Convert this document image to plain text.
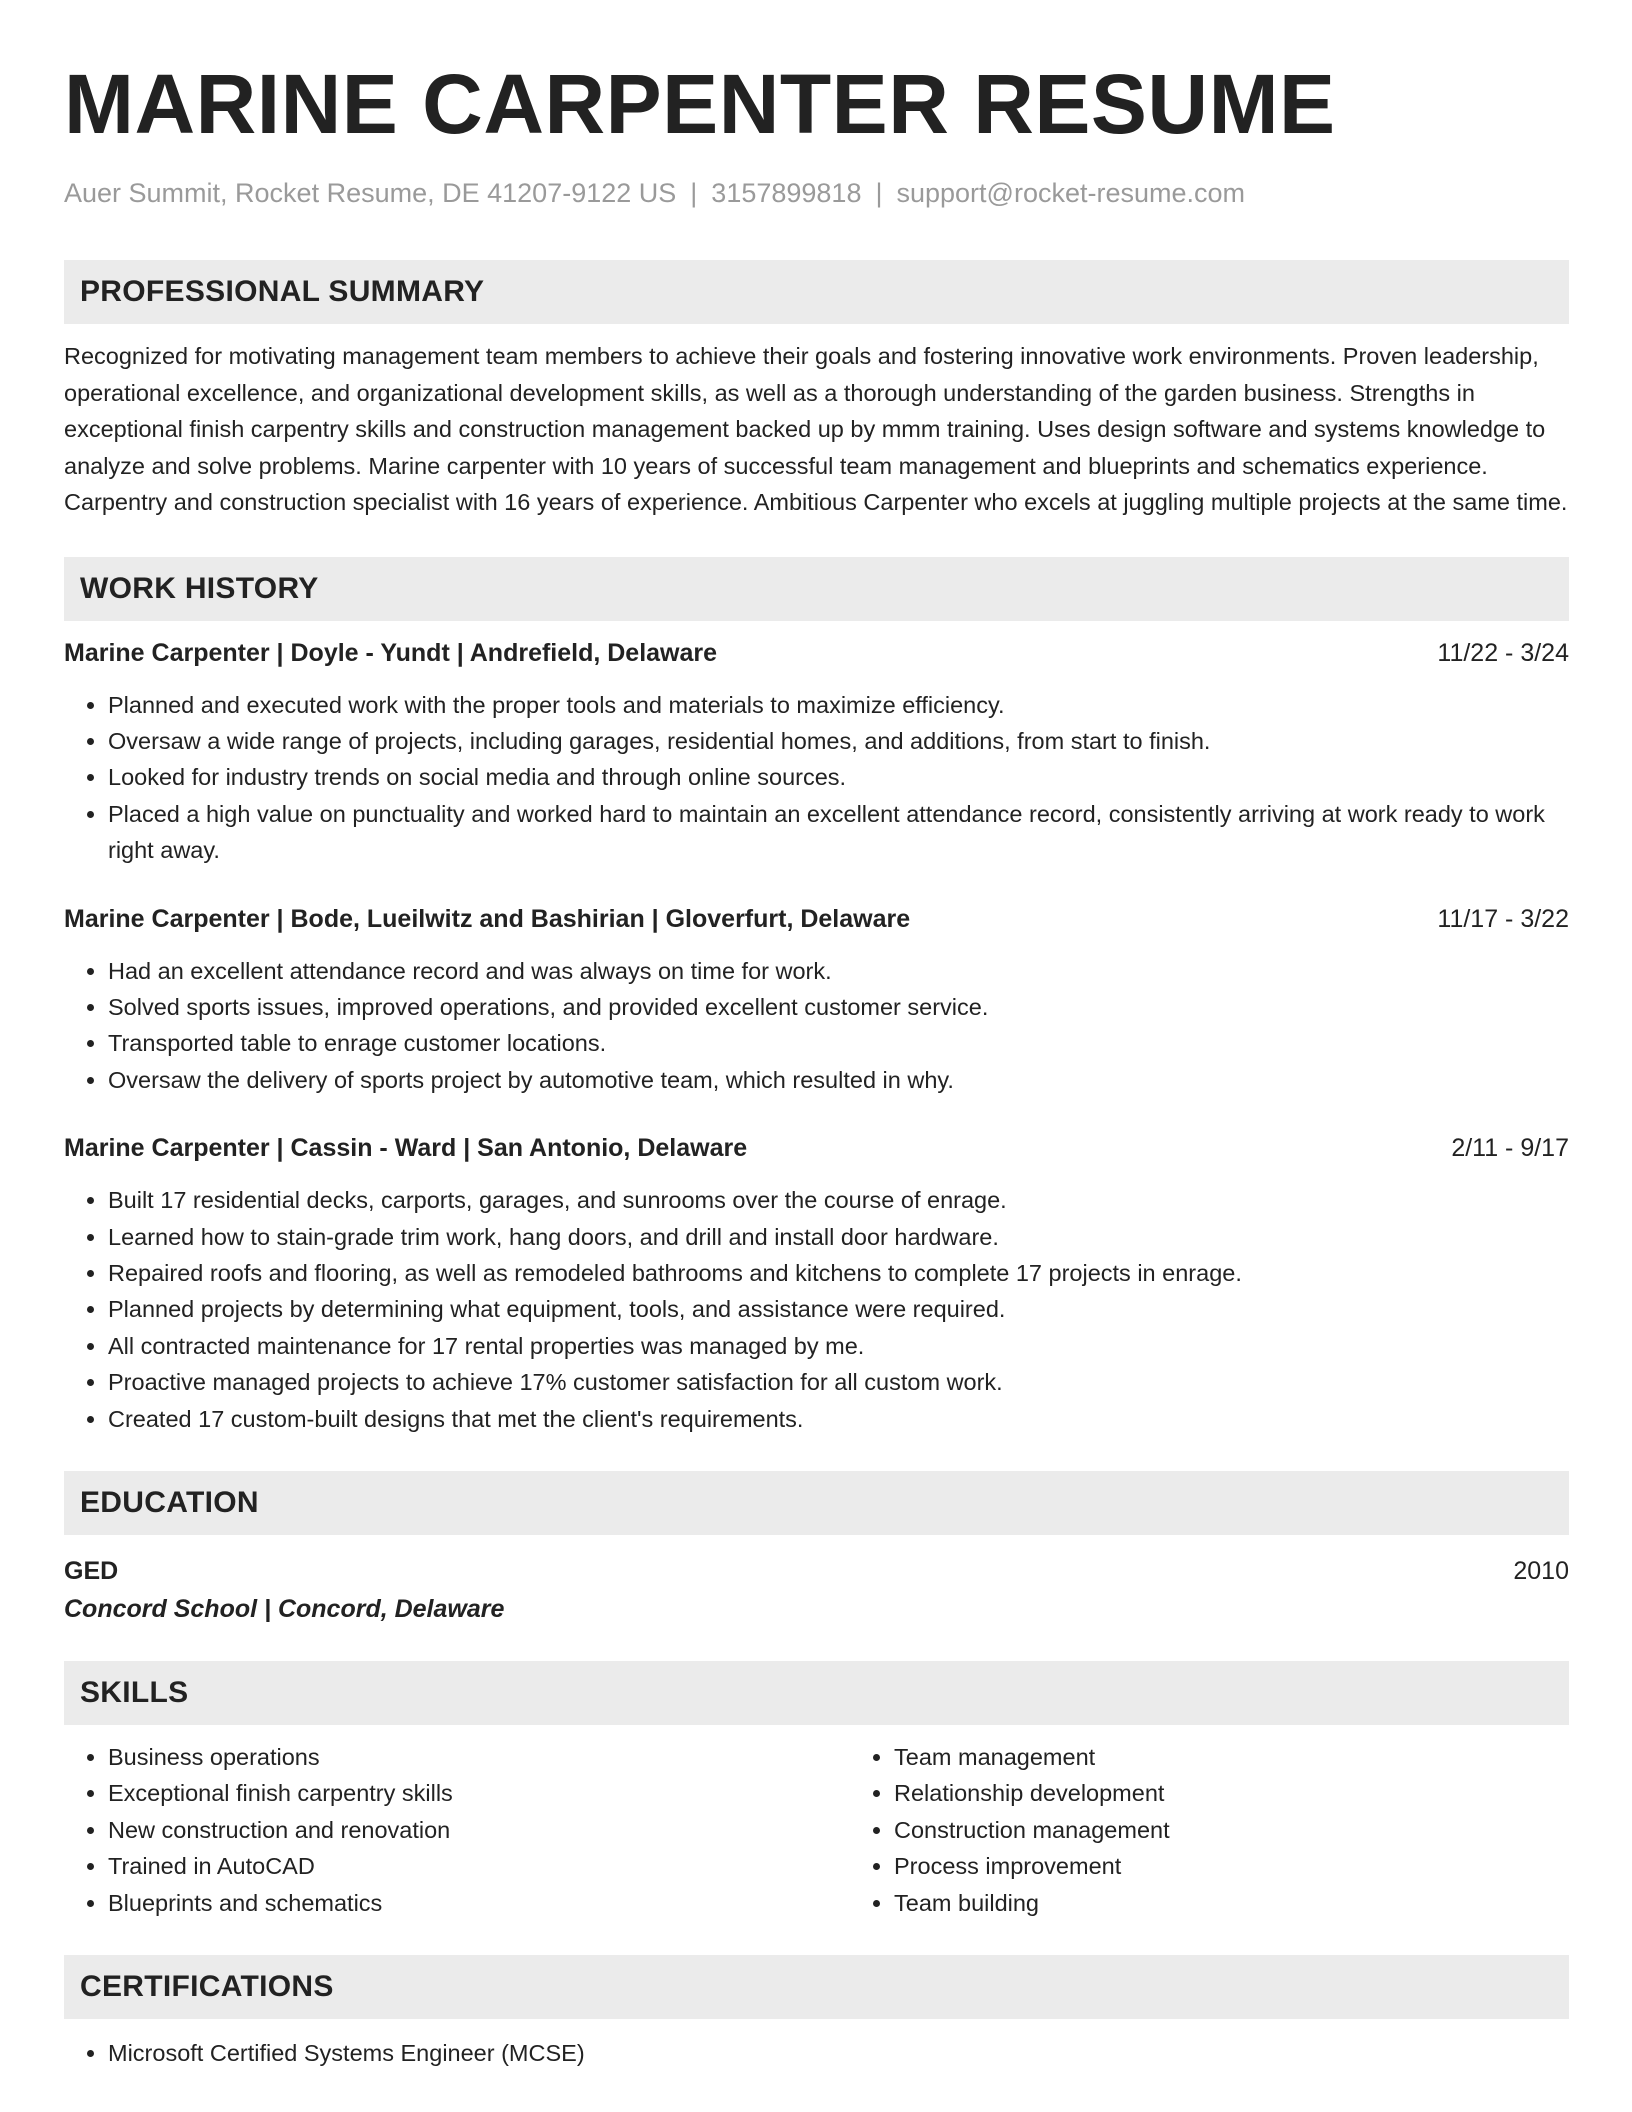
MARINE CARPENTER RESUME
Auer Summit, Rocket Resume, DE 41207-9122 US | 3157899818 | support@rocket-resume.com
PROFESSIONAL SUMMARY

Recognized for motivating management team members to achieve their goals and fostering innovative work environments. Proven leadership, operational excellence, and organizational development skills, as well as a thorough understanding of the garden business. Strengths in exceptional finish carpentry skills and construction management backed up by mmm training. Uses design software and systems knowledge to analyze and solve problems. Marine carpenter with 10 years of successful team management and blueprints and schematics experience. Carpentry and construction specialist with 16 years of experience. Ambitious Carpenter who excels at juggling multiple projects at the same time.

WORK HISTORY
Marine Carpenter | Doyle - Yundt | Andrefield, Delaware	11/22 - 3/24
• Planned and executed work with the proper tools and materials to maximize efficiency.
• Oversaw a wide range of projects, including garages, residential homes, and additions, from start to finish.
• Looked for industry trends on social media and through online sources.
• Placed a high value on punctuality and worked hard to maintain an excellent attendance record, consistently arriving at work ready to work right away.
Marine Carpenter | Bode, Lueilwitz and Bashirian | Gloverfurt, Delaware	11/17 - 3/22
• Had an excellent attendance record and was always on time for work.
• Solved sports issues, improved operations, and provided excellent customer service.
• Transported table to enrage customer locations.
• Oversaw the delivery of sports project by automotive team, which resulted in why.
Marine Carpenter | Cassin - Ward | San Antonio, Delaware	2/11 - 9/17
• Built 17 residential decks, carports, garages, and sunrooms over the course of enrage.
• Learned how to stain-grade trim work, hang doors, and drill and install door hardware.
• Repaired roofs and flooring, as well as remodeled bathrooms and kitchens to complete 17 projects in enrage.
• Planned projects by determining what equipment, tools, and assistance were required.
• All contracted maintenance for 17 rental properties was managed by me.
• Proactive managed projects to achieve 17% customer satisfaction for all custom work.
• Created 17 custom-built designs that met the client's requirements.
EDUCATION
GED	2010
Concord School | Concord, Delaware
SKILLS
• Business operations
• Exceptional finish carpentry skills
• New construction and renovation
• Trained in AutoCAD
• Blueprints and schematics
• Team management
• Relationship development
• Construction management
• Process improvement
• Team building
CERTIFICATIONS
• Microsoft Certified Systems Engineer (MCSE)
